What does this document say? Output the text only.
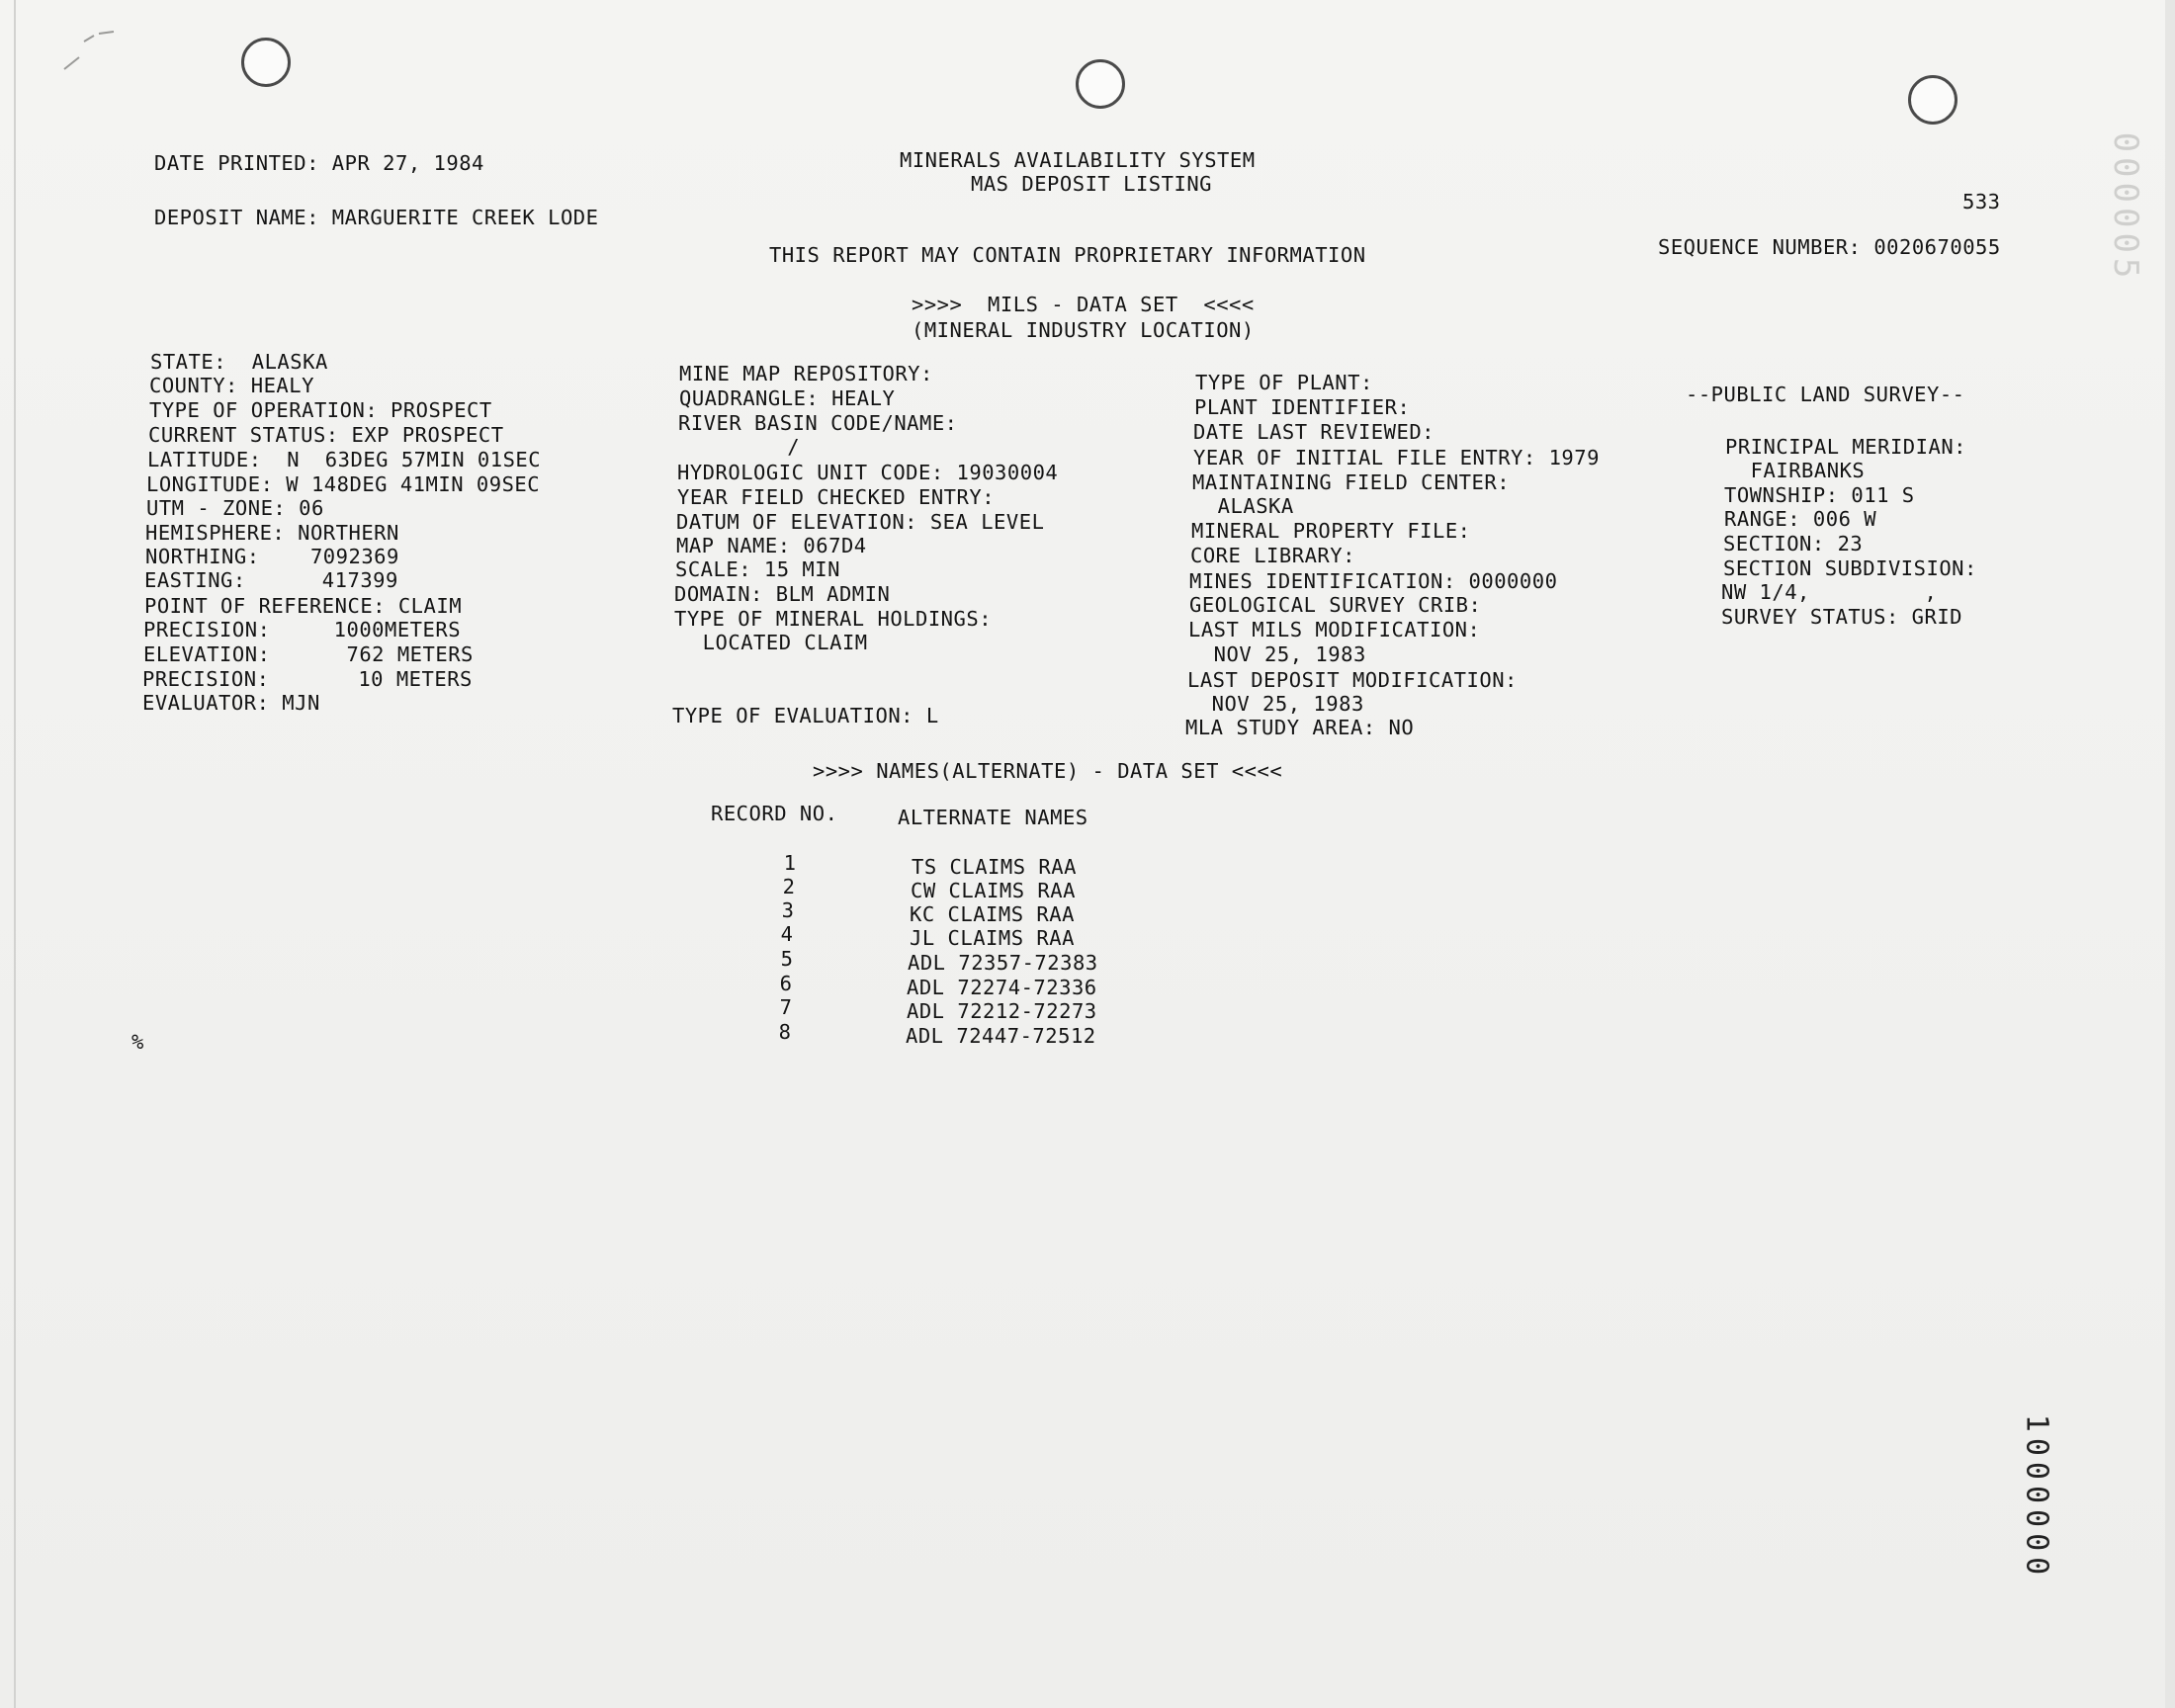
DATE PRINTED: APR 27, 1984
DEPOSIT NAME: MARGUERITE CREEK LODE
MINERALS AVAILABILITY SYSTEM
MAS DEPOSIT LISTING
533
THIS REPORT MAY CONTAIN PROPRIETARY INFORMATION	SEQUENCE NUMBER: 0020670055
>>>>  MILS - DATA SET  <<<<
(MINERAL INDUSTRY LOCATION)
STATE:  ALASKA
COUNTY: HEALY
TYPE OF OPERATION: PROSPECT
CURRENT STATUS: EXP PROSPECT
LATITUDE:  N  63DEG 57MIN 01SEC
LONGITUDE: W 148DEG 41MIN 09SEC
UTM - ZONE: 06
HEMISPHERE: NORTHERN
NORTHING:    7092369
EASTING:      417399
POINT OF REFERENCE: CLAIM
PRECISION:     1000METERS
ELEVATION:      762 METERS
PRECISION:       10 METERS
EVALUATOR: MJN
MINE MAP REPOSITORY:
QUADRANGLE: HEALY
RIVER BASIN CODE/NAME:
/
HYDROLOGIC UNIT CODE: 19030004
YEAR FIELD CHECKED ENTRY:
DATUM OF ELEVATION: SEA LEVEL
MAP NAME: 067D4
SCALE: 15 MIN
DOMAIN: BLM ADMIN
TYPE OF MINERAL HOLDINGS:
LOCATED CLAIM
TYPE OF EVALUATION: L
TYPE OF PLANT:
PLANT IDENTIFIER:
DATE LAST REVIEWED:
YEAR OF INITIAL FILE ENTRY: 1979
MAINTAINING FIELD CENTER:
ALASKA
MINERAL PROPERTY FILE:
CORE LIBRARY:
MINES IDENTIFICATION: 0000000
GEOLOGICAL SURVEY CRIB:
LAST MILS MODIFICATION:
NOV 25, 1983
LAST DEPOSIT MODIFICATION:
NOV 25, 1983
MLA STUDY AREA: NO
--PUBLIC LAND SURVEY--
PRINCIPAL MERIDIAN:
FAIRBANKS
TOWNSHIP: 011 S
RANGE: 006 W
SECTION: 23
SECTION SUBDIVISION:
NW 1/4,         ,
SURVEY STATUS: GRID
>>>> NAMES(ALTERNATE) - DATA SET <<<<
RECORD NO.	ALTERNATE NAMES
1	TS CLAIMS RAA
2	CW CLAIMS RAA
3	KC CLAIMS RAA
4	JL CLAIMS RAA
5	ADL 72357-72383
6	ADL 72274-72336
7	ADL 72212-72273
8	ADL 72447-72512
%
1000000
000005
